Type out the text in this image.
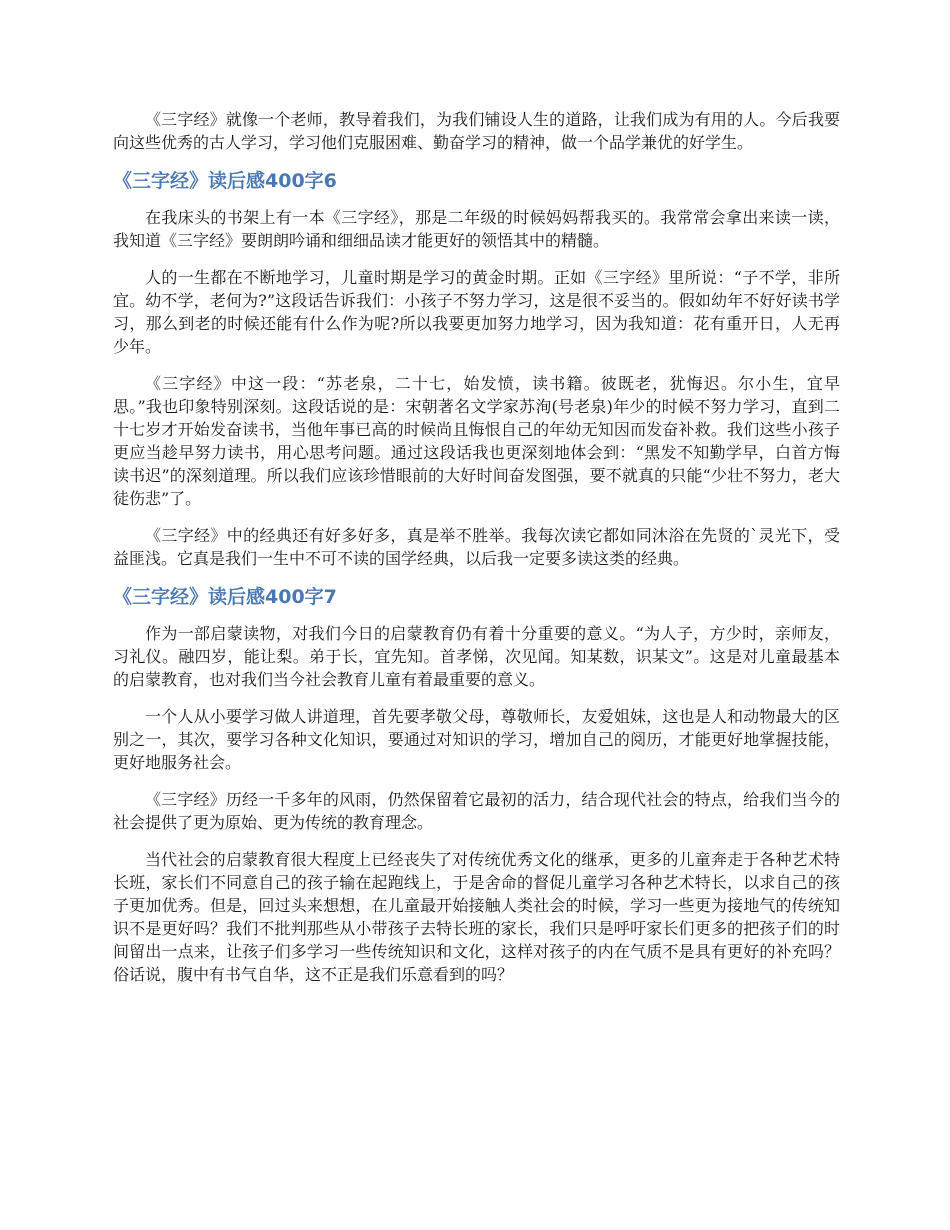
《三字经》就像一个老师，教导着我们，为我们铺设人生的道路，让我们成为有用的人。今后我要向这些优秀的古人学习，学习他们克服困难、勤奋学习的精神，做一个品学兼优的好学生。

《三字经》读后感400字6

在我床头的书架上有一本《三字经》，那是二年级的时候妈妈帮我买的。我常常会拿出来读一读，我知道《三字经》要朗朗吟诵和细细品读才能更好的领悟其中的精髓。

人的一生都在不断地学习，儿童时期是学习的黄金时期。正如《三字经》里所说：“子不学，非所宜。幼不学，老何为?”这段话告诉我们：小孩子不努力学习，这是很不妥当的。假如幼年不好好读书学习，那么到老的时候还能有什么作为呢?所以我要更加努力地学习，因为我知道：花有重开日，人无再少年。

《三字经》中这一段：“苏老泉，二十七，始发愤，读书籍。彼既老，犹悔迟。尔小生，宜早思。”我也印象特别深刻。这段话说的是：宋朝著名文学家苏洵(号老泉)年少的时候不努力学习，直到二十七岁才开始发奋读书，当他年事已高的时候尚且悔恨自己的年幼无知因而发奋补救。我们这些小孩子更应当趁早努力读书，用心思考问题。通过这段话我也更深刻地体会到：“黑发不知勤学早，白首方悔读书迟”的深刻道理。所以我们应该珍惜眼前的大好时间奋发图强，要不就真的只能“少壮不努力，老大徒伤悲”了。

《三字经》中的经典还有好多好多，真是举不胜举。我每次读它都如同沐浴在先贤的`灵光下，受益匪浅。它真是我们一生中不可不读的国学经典，以后我一定要多读这类的经典。

《三字经》读后感400字7

作为一部启蒙读物，对我们今日的启蒙教育仍有着十分重要的意义。“为人子，方少时，亲师友，习礼仪。融四岁，能让梨。弟于长，宜先知。首孝悌，次见闻。知某数，识某文”。这是对儿童最基本的启蒙教育，也对我们当今社会教育儿童有着最重要的意义。

一个人从小要学习做人讲道理，首先要孝敬父母，尊敬师长，友爱姐妹，这也是人和动物最大的区别之一，其次，要学习各种文化知识，要通过对知识的学习，增加自己的阅历，才能更好地掌握技能，更好地服务社会。

《三字经》历经一千多年的风雨，仍然保留着它最初的活力，结合现代社会的特点，给我们当今的社会提供了更为原始、更为传统的教育理念。

当代社会的启蒙教育很大程度上已经丧失了对传统优秀文化的继承，更多的儿童奔走于各种艺术特长班，家长们不同意自己的孩子输在起跑线上，于是舍命的督促儿童学习各种艺术特长，以求自己的孩子更加优秀。但是，回过头来想想，在儿童最开始接触人类社会的时候，学习一些更为接地气的传统知识不是更好吗？我们不批判那些从小带孩子去特长班的家长，我们只是呼吁家长们更多的把孩子们的时间留出一点来，让孩子们多学习一些传统知识和文化，这样对孩子的内在气质不是具有更好的补充吗？俗话说，腹中有书气自华，这不正是我们乐意看到的吗？
